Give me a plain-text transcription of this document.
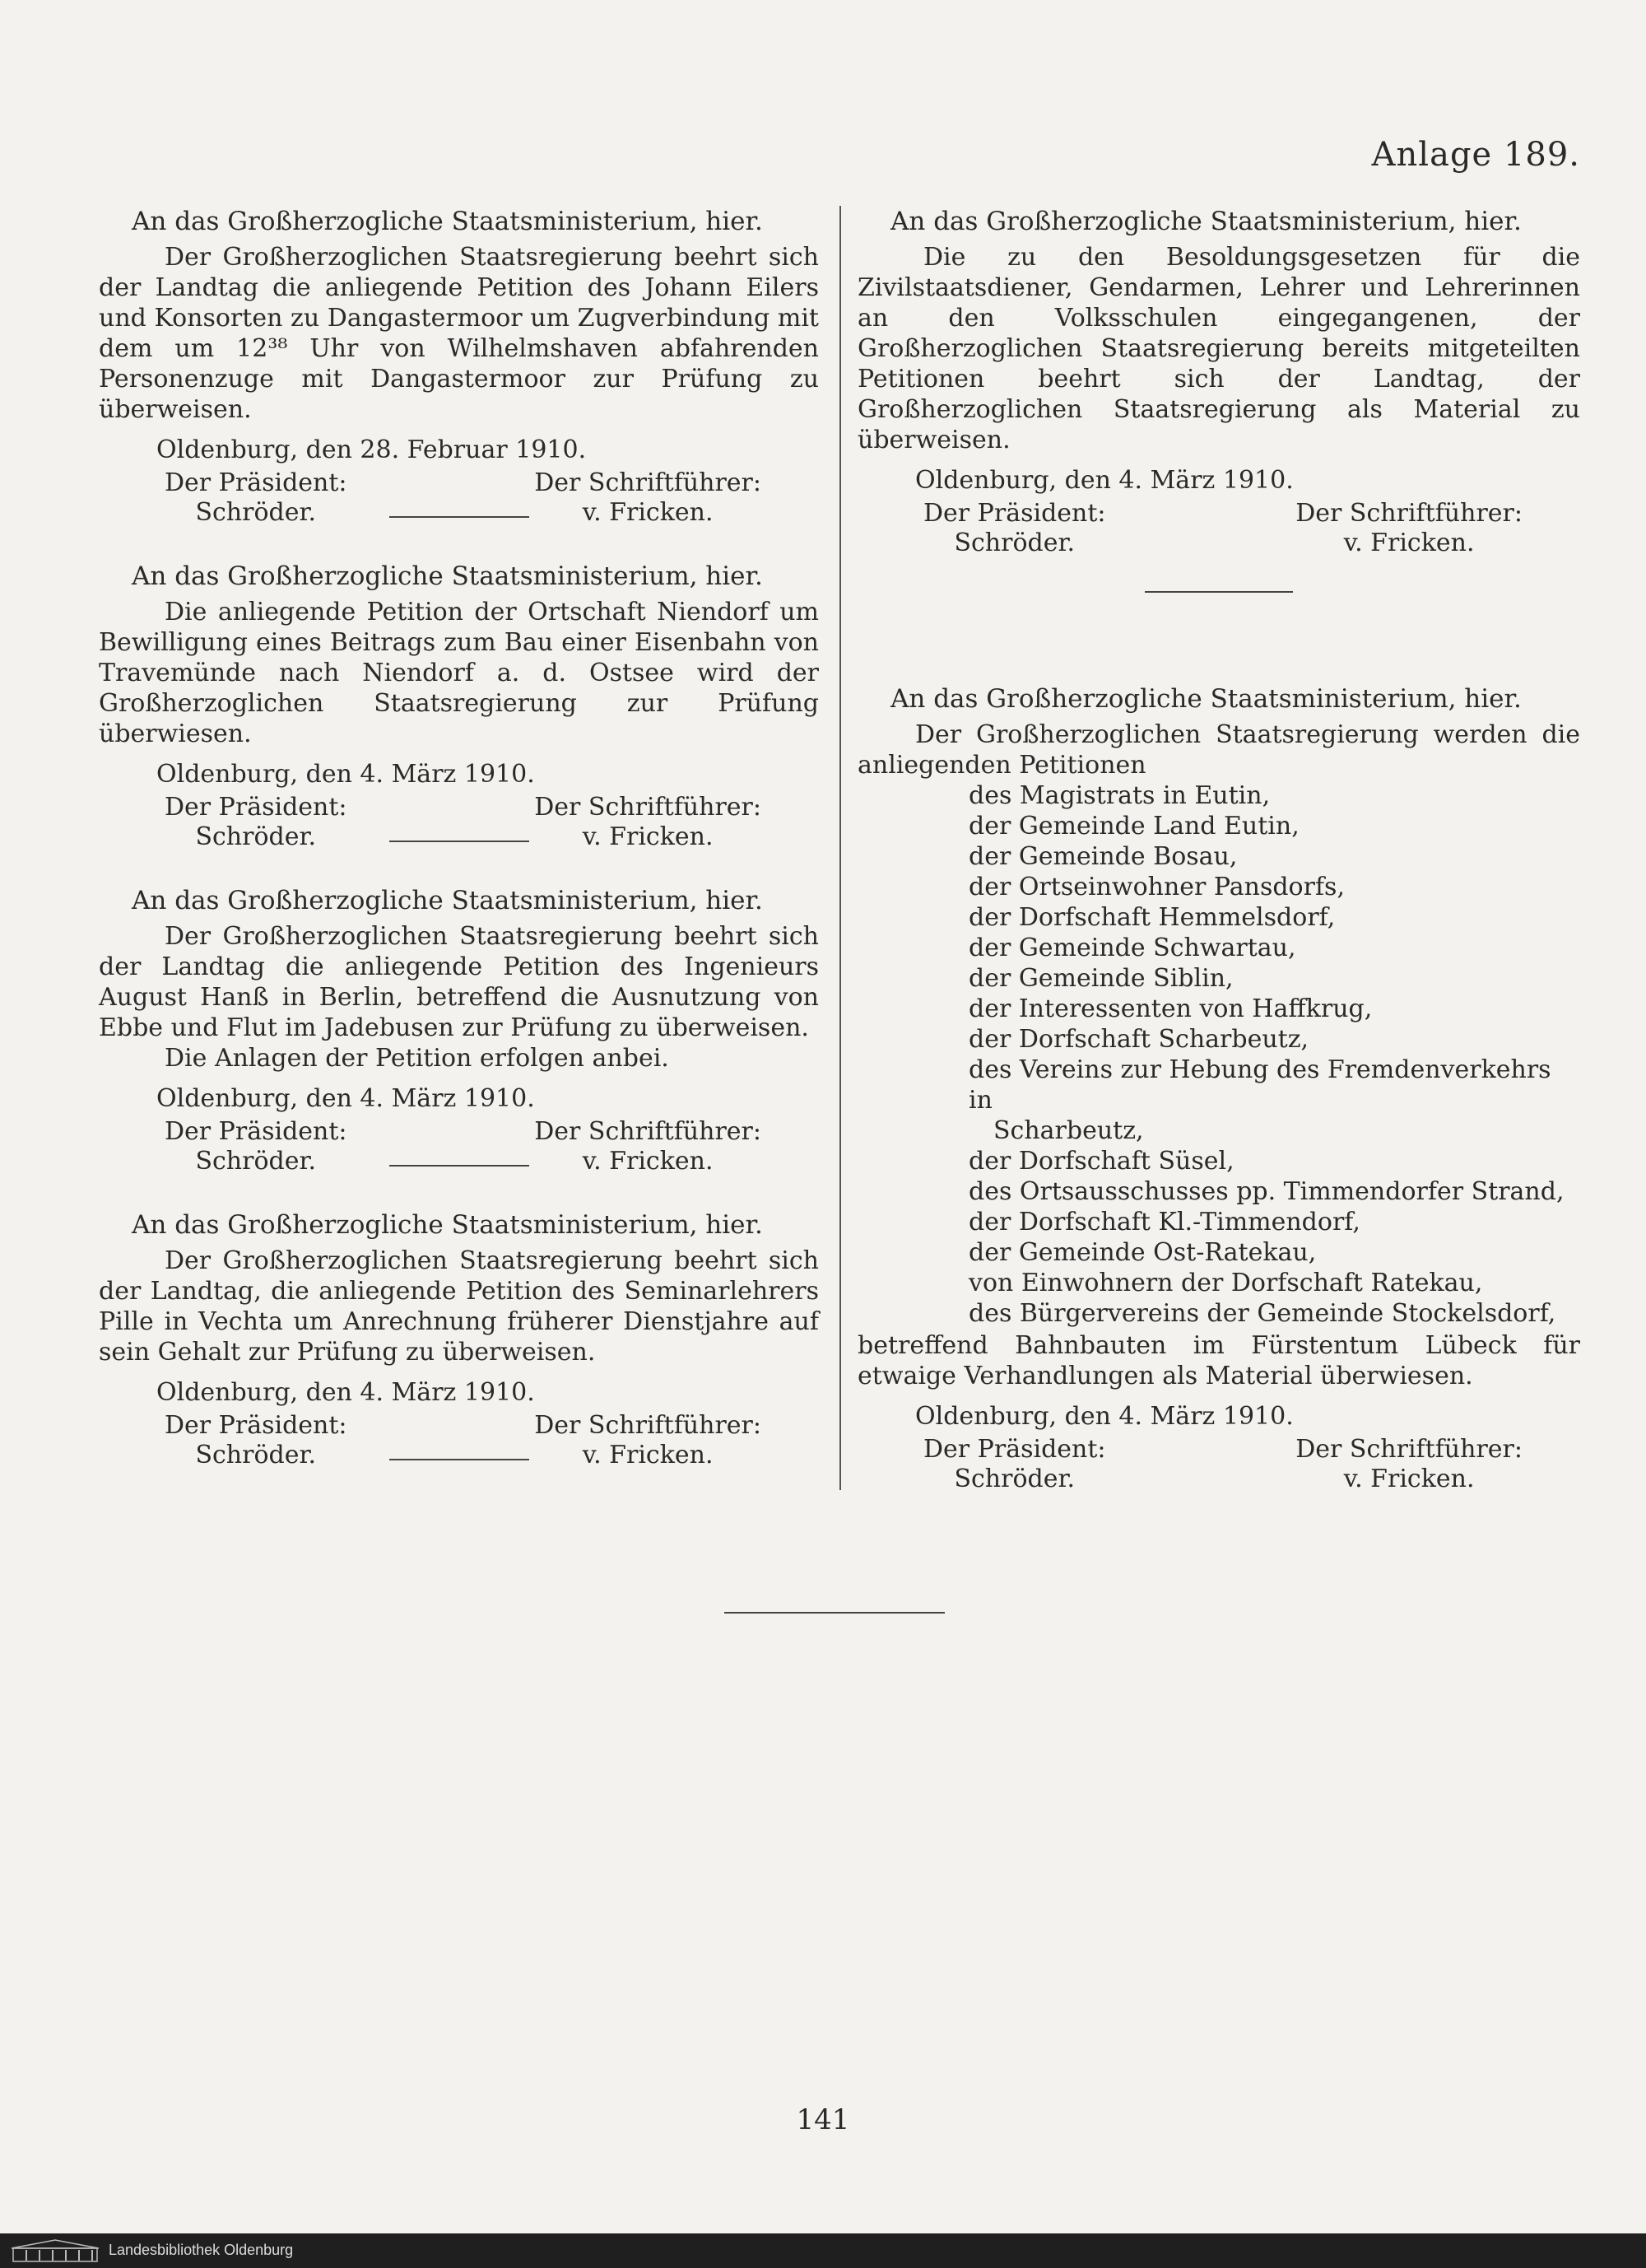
Anlage 189.
An das Großherzogliche Staatsministerium, hier.
Der Großherzoglichen Staatsregierung beehrt sich der Landtag die anliegende Petition des Johann Eilers und Konsorten zu Dangastermoor um Zugverbindung mit dem um 12³⁸ Uhr von Wilhelmshaven abfahrenden Personenzuge mit Dangastermoor zur Prüfung zu überweisen.
Oldenburg, den 28. Februar 1910.
Der Präsident:
Schröder.
Der Schriftführer:
v. Fricken.
An das Großherzogliche Staatsministerium, hier.
Die anliegende Petition der Ortschaft Niendorf um Bewilligung eines Beitrags zum Bau einer Eisenbahn von Travemünde nach Niendorf a. d. Ostsee wird der Großherzoglichen Staatsregierung zur Prüfung überwiesen.
Oldenburg, den 4. März 1910.
Der Präsident:
Schröder.
Der Schriftführer:
v. Fricken.
An das Großherzogliche Staatsministerium, hier.
Der Großherzoglichen Staatsregierung beehrt sich der Landtag die anliegende Petition des Ingenieurs August Hanß in Berlin, betreffend die Ausnutzung von Ebbe und Flut im Jadebusen zur Prüfung zu überweisen.
Die Anlagen der Petition erfolgen anbei.
Oldenburg, den 4. März 1910.
Der Präsident:
Schröder.
Der Schriftführer:
v. Fricken.
An das Großherzogliche Staatsministerium, hier.
Der Großherzoglichen Staatsregierung beehrt sich der Landtag, die anliegende Petition des Seminarlehrers Pille in Vechta um Anrechnung früherer Dienstjahre auf sein Gehalt zur Prüfung zu überweisen.
Oldenburg, den 4. März 1910.
Der Präsident:
Schröder.
Der Schriftführer:
v. Fricken.
An das Großherzogliche Staatsministerium, hier.
Die zu den Besoldungsgesetzen für die Zivilstaatsdiener, Gendarmen, Lehrer und Lehrerinnen an den Volksschulen eingegangenen, der Großherzoglichen Staatsregierung bereits mitgeteilten Petitionen beehrt sich der Landtag, der Großherzoglichen Staatsregierung als Material zu überweisen.
Oldenburg, den 4. März 1910.
Der Präsident:
Schröder.
Der Schriftführer:
v. Fricken.
An das Großherzogliche Staatsministerium, hier.
Der Großherzoglichen Staatsregierung werden die anliegenden Petitionen
des Magistrats in Eutin,
der Gemeinde Land Eutin,
der Gemeinde Bosau,
der Ortseinwohner Pansdorfs,
der Dorfschaft Hemmelsdorf,
der Gemeinde Schwartau,
der Gemeinde Siblin,
der Interessenten von Haffkrug,
der Dorfschaft Scharbeutz,
des Vereins zur Hebung des Fremdenverkehrs in
Scharbeutz,
der Dorfschaft Süsel,
des Ortsausschusses pp. Timmendorfer Strand,
der Dorfschaft Kl.-Timmendorf,
der Gemeinde Ost-Ratekau,
von Einwohnern der Dorfschaft Ratekau,
des Bürgervereins der Gemeinde Stockelsdorf,
betreffend Bahnbauten im Fürstentum Lübeck für etwaige Verhandlungen als Material überwiesen.
Oldenburg, den 4. März 1910.
Der Präsident:
Schröder.
Der Schriftführer:
v. Fricken.
141
Landesbibliothek Oldenburg
